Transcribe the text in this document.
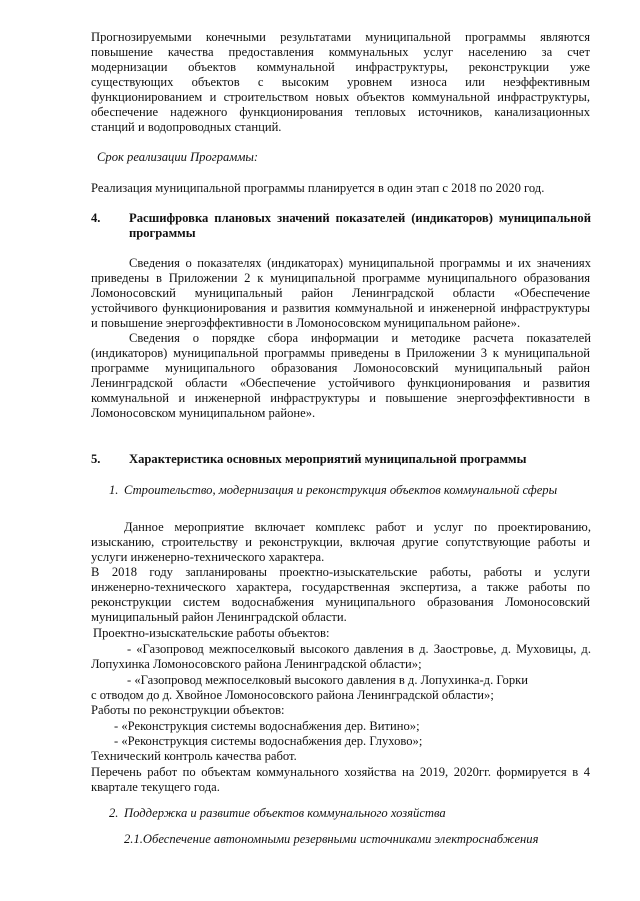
Прогнозируемыми конечными результатами муниципальной программы являются

повышение качества предоставления коммунальных услуг населению за счет

модернизации объектов коммунальной инфраструктуры, реконструкции уже

существующих объектов с высоким уровнем износа или неэффективным

функционированием и строительством новых объектов коммунальной инфраструктуры,

обеспечение надежного функционирования тепловых источников, канализационных

станций и водопроводных станций.

Срок реализации Программы:

Реализация муниципальной программы планируется в один этап с 2018 по 2020 год.

4. Расшифровка плановых значений показателей (индикаторов) муниципальной

программы

Сведения о показателях (индикаторах) муниципальной программы и их значениях

приведены в Приложении 2 к муниципальной программе муниципального образования

Ломоносовский муниципальный район Ленинградской области «Обеспечение

устойчивого функционирования и развития коммунальной и инженерной инфраструктуры

и повышение энергоэффективности в Ломоносовском муниципальном районе».

Сведения о порядке сбора информации и методике расчета показателей

(индикаторов) муниципальной программы приведены в Приложении 3 к муниципальной

программе муниципального образования Ломоносовский муниципальный район

Ленинградской области «Обеспечение устойчивого функционирования и развития

коммунальной и инженерной инфраструктуры и повышение энергоэффективности в

Ломоносовском муниципальном районе».

5. Характеристика основных мероприятий муниципальной программы

1. Строительство, модернизация и реконструкция объектов коммунальной сферы

Данное мероприятие включает комплекс работ и услуг по проектированию,

изысканию, строительству и реконструкции, включая другие сопутствующие работы и

услуги инженерно-технического характера.

В 2018 году запланированы проектно-изыскательские работы, работы и услуги

инженерно-технического характера, государственная экспертиза, а также работы по

реконструкции систем водоснабжения муниципального образования Ломоносовский

муниципальный район Ленинградской области.

Проектно-изыскательские работы объектов:

- «Газопровод межпоселковый высокого давления в д. Заостровье, д. Муховицы, д.

Лопухинка Ломоносовского района Ленинградской области»;

- «Газопровод межпоселковый высокого давления в д. Лопухинка-д. Горки

с отводом до д. Хвойное Ломоносовского района Ленинградской области»;

Работы по реконструкции объектов:

- «Реконструкция системы водоснабжения дер. Витино»;

- «Реконструкция системы водоснабжения дер. Глухово»;

Технический контроль качества работ.

Перечень работ по объектам коммунального хозяйства на 2019, 2020гг. формируется в 4

квартале текущего года.

2. Поддержка и развитие объектов коммунального хозяйства

2.1.Обеспечение автономными резервными источниками электроснабжения
